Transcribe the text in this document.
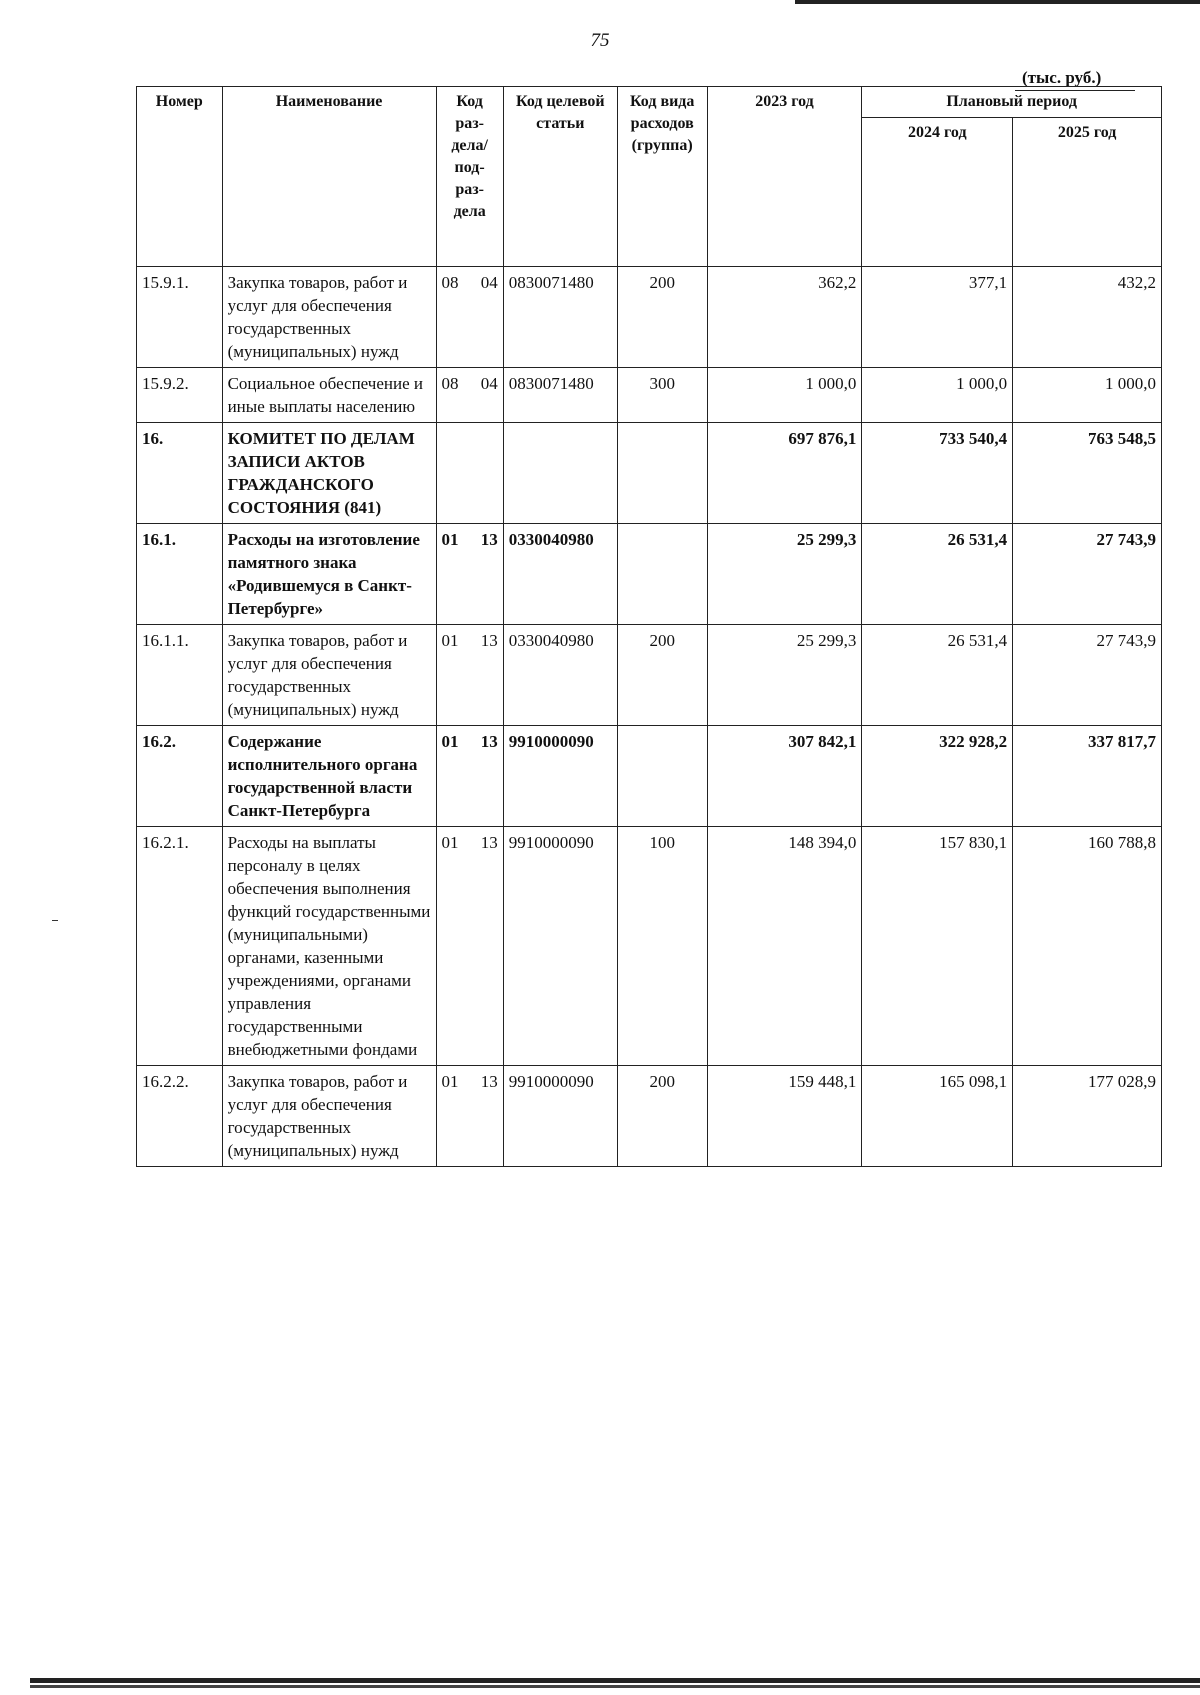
75
(тыс. руб.)
Номер	Наименование	Код раз-дела/ под-раз-дела	Код целевой статьи	Код вида расходов (группа)	2023 год	Плановый период	

						2024 год	2025 год

15.9.1.	Закупка товаров, работ и услуг для обеспечения государственных (муниципальных) нужд	08 04	0830071480	200	362,2	377,1	432,2
15.9.2.	Социальное обеспечение и иные выплаты населению	08 04	0830071480	300	1 000,0	1 000,0	1 000,0
16.	КОМИТЕТ ПО ДЕЛАМ ЗАПИСИ АКТОВ ГРАЖДАНСКОГО СОСТОЯНИЯ (841)				697 876,1	733 540,4	763 548,5
16.1.	Расходы на изготовление памятного знака «Родившемуся в Санкт-Петербурге»	01 13	0330040980		25 299,3	26 531,4	27 743,9
16.1.1.	Закупка товаров, работ и услуг для обеспечения государственных (муниципальных) нужд	01 13	0330040980	200	25 299,3	26 531,4	27 743,9
16.2.	Содержание исполнительного органа государственной власти Санкт-Петербурга	01 13	9910000090		307 842,1	322 928,2	337 817,7
16.2.1.	Расходы на выплаты персоналу в целях обеспечения выполнения функций государственными (муниципальными) органами, казенными учреждениями, органами управления государственными внебюджетными фондами	01 13	9910000090	100	148 394,0	157 830,1	160 788,8
16.2.2.	Закупка товаров, работ и услуг для обеспечения государственных (муниципальных) нужд	01 13	9910000090	200	159 448,1	165 098,1	177 028,9
